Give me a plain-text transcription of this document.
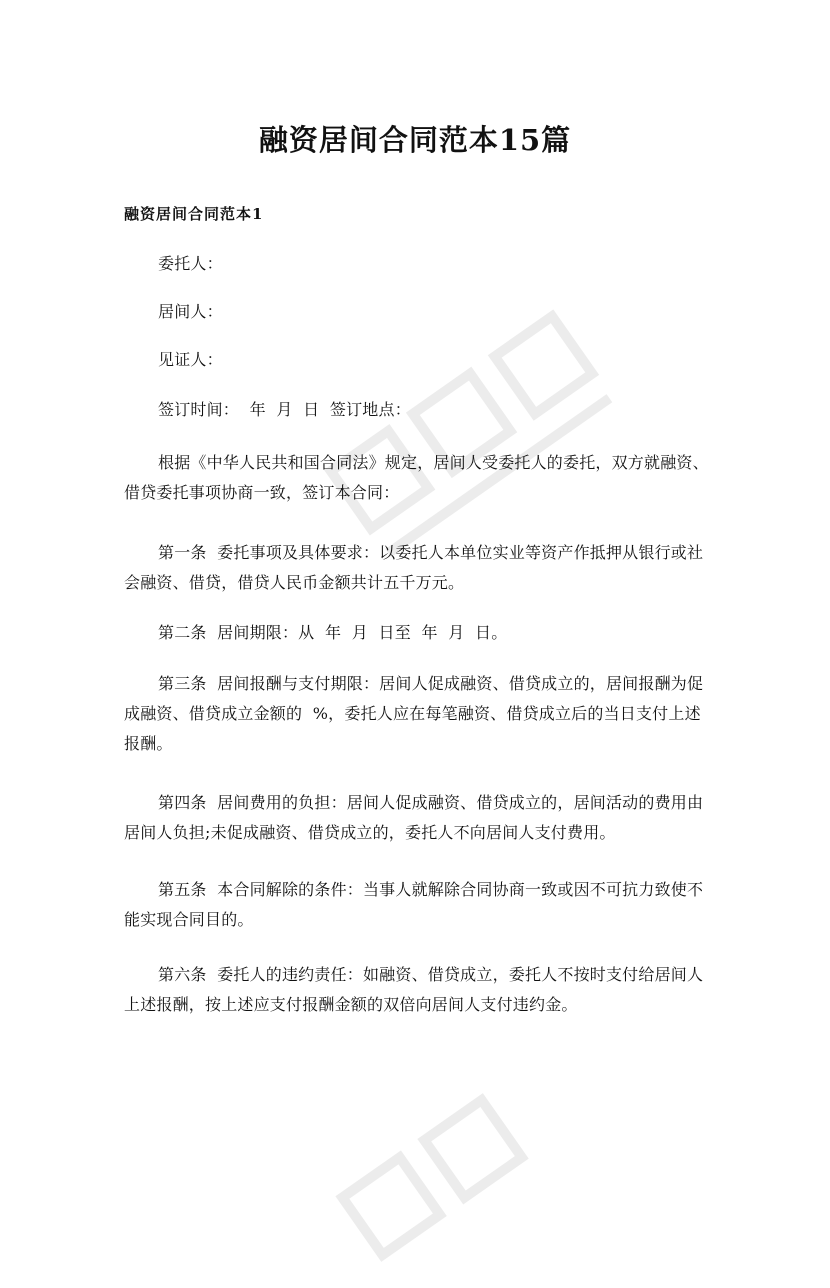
融资居间合同范本15篇
融资居间合同范本1
委托人：
居间人：
见证人：
签订时间：  年  月  日  签订地点：
根据《中华人民共和国合同法》规定，居间人受委托人的委托，双方就融资、借贷委托事项协商一致，签订本合同：
第一条  委托事项及具体要求：以委托人本单位实业等资产作抵押从银行或社会融资、借贷，借贷人民币金额共计五千万元。
第二条  居间期限：从  年  月  日至  年  月  日。
第三条  居间报酬与支付期限：居间人促成融资、借贷成立的，居间报酬为促成融资、借贷成立金额的  %，委托人应在每笔融资、借贷成立后的当日支付上述报酬。
第四条  居间费用的负担：居间人促成融资、借贷成立的，居间活动的费用由居间人负担;未促成融资、借贷成立的，委托人不向居间人支付费用。
第五条  本合同解除的条件：当事人就解除合同协商一致或因不可抗力致使不能实现合同目的。
第六条  委托人的违约责任：如融资、借贷成立，委托人不按时支付给居间人上述报酬，按上述应支付报酬金额的双倍向居间人支付违约金。
